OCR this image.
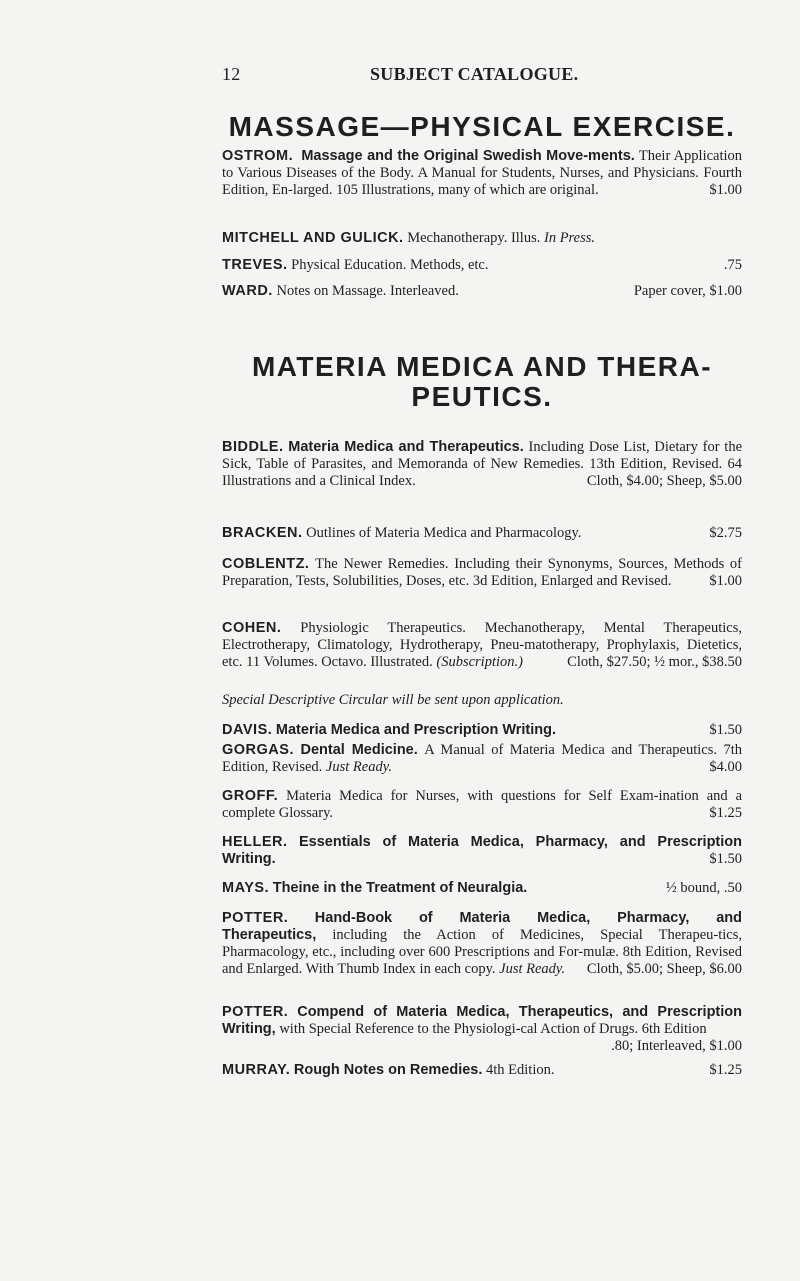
12	SUBJECT CATALOGUE.
MASSAGE—PHYSICAL EXERCISE.

OSTROM. Massage and the Original Swedish Move-ments. Their Application to Various Diseases of the Body. A Manual for Students, Nurses, and Physicians. Fourth Edition, En-larged. 105 Illustrations, many of which are original.	$1.00

MITCHELL AND GULICK. Mechanotherapy. Illus. In Press.
TREVES. Physical Education. Methods, etc.	.75
WARD. Notes on Massage. Interleaved.	Paper cover, $1.00
MATERIA MEDICA AND THERA-
PEUTICS.

BIDDLE. Materia Medica and Therapeutics. Including Dose List, Dietary for the Sick, Table of Parasites, and Memoranda of New Remedies. 13th Edition, Revised. 64 Illustrations and a Clinical Index.	Cloth, $4.00; Sheep, $5.00

BRACKEN. Outlines of Materia Medica and Pharmacology.	$2.75

COBLENTZ. The Newer Remedies. Including their Synonyms, Sources, Methods of Preparation, Tests, Solubilities, Doses, etc. 3d Edition, Enlarged and Revised.	$1.00

COHEN. Physiologic Therapeutics. Mechanotherapy, Mental Therapeutics, Electrotherapy, Climatology, Hydrotherapy, Pneu-matotherapy, Prophylaxis, Dietetics, etc. 11 Volumes. Octavo. Illustrated. (Subscription.)	Cloth, $27.50; ½ mor., $38.50

Special Descriptive Circular will be sent upon application.
DAVIS. Materia Medica and Prescription Writing.	$1.50

GORGAS. Dental Medicine. A Manual of Materia Medica and Therapeutics. 7th Edition, Revised. Just Ready.	$4.00

GROFF. Materia Medica for Nurses, with questions for Self Exam-ination and a complete Glossary.	$1.25

HELLER. Essentials of Materia Medica, Pharmacy, and Prescription Writing.	$1.50

MAYS. Theine in the Treatment of Neuralgia.	½ bound, .50

POTTER. Hand-Book of Materia Medica, Pharmacy, and Therapeutics, including the Action of Medicines, Special Therapeu-tics, Pharmacology, etc., including over 600 Prescriptions and For-mulæ. 8th Edition, Revised and Enlarged. With Thumb Index in each copy. Just Ready. Cloth, $5.00; Sheep, $6.00

POTTER. Compend of Materia Medica, Therapeutics, and Prescription Writing, with Special Reference to the Physiologi-cal Action of Drugs. 6th Edition
.80; Interleaved, $1.00

MURRAY. Rough Notes on Remedies. 4th Edition.	$1.25
